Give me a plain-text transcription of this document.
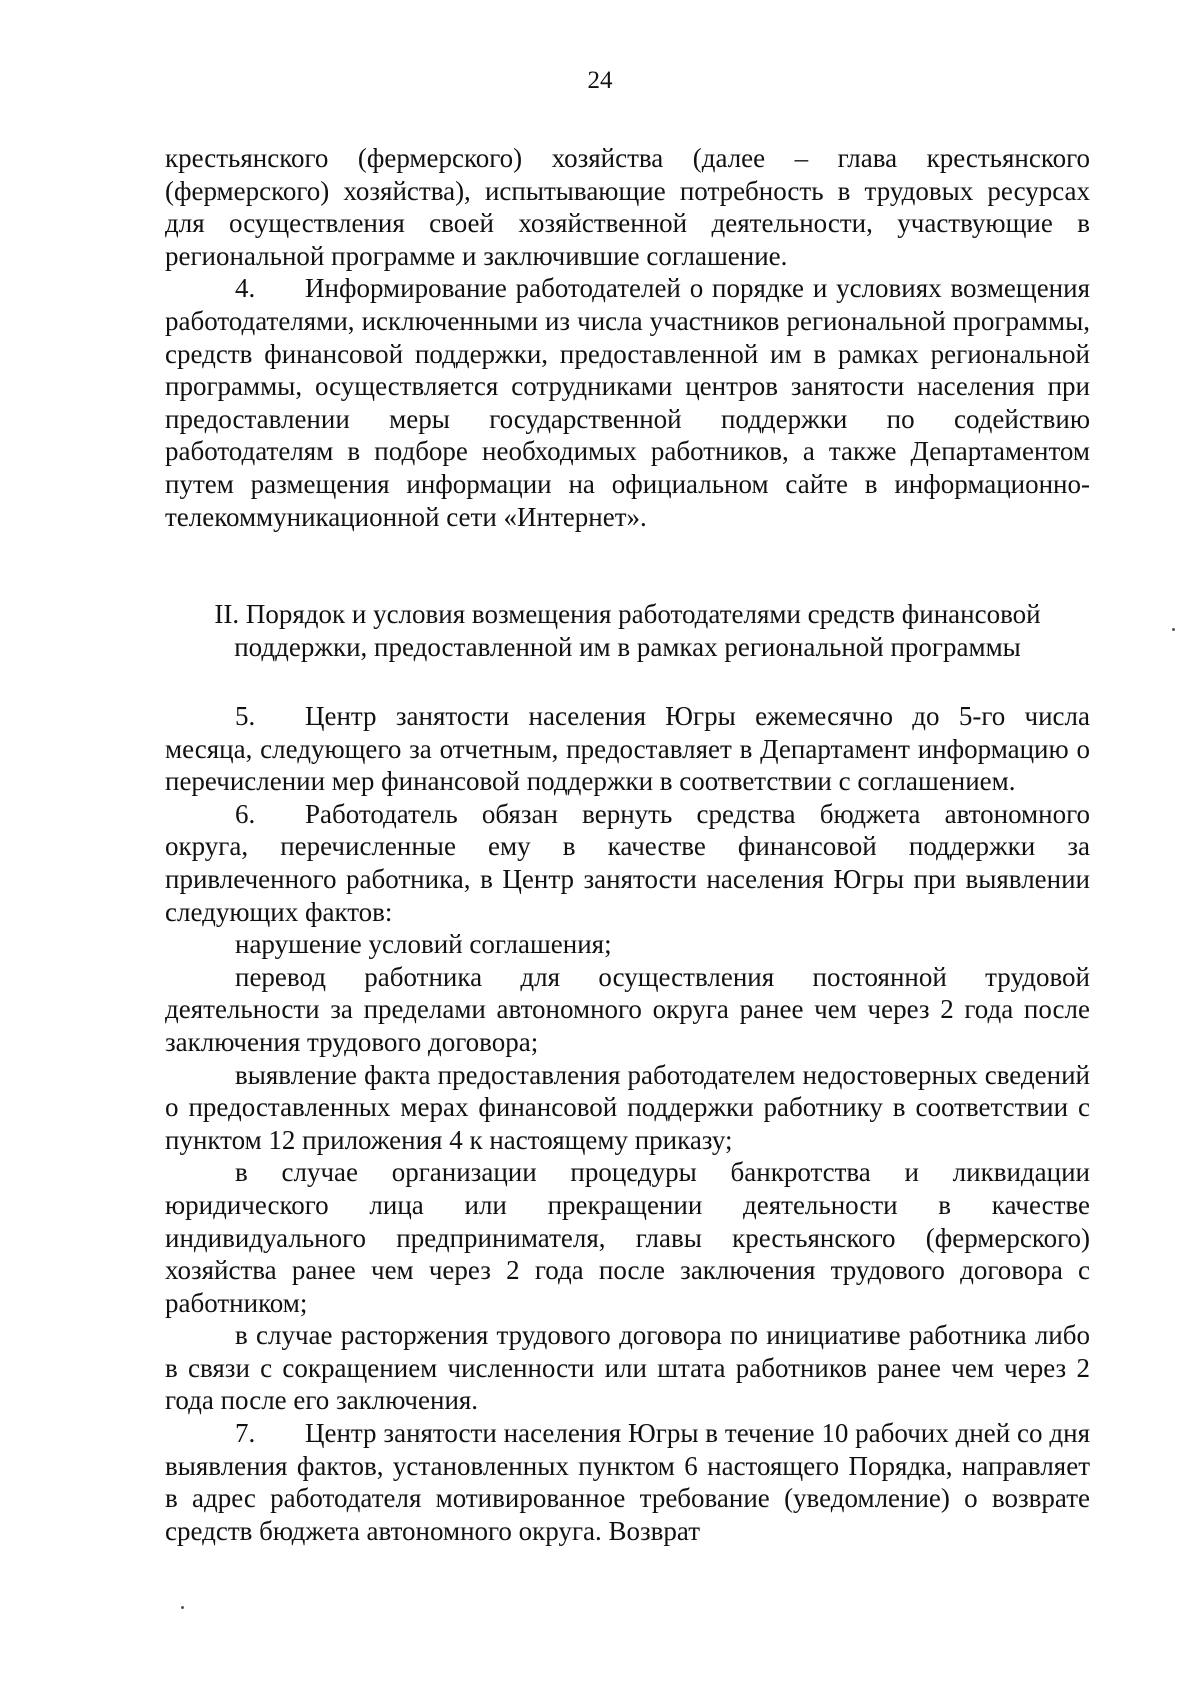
24

крестьянского (фермерского) хозяйства (далее – глава крестьянского (фермерского) хозяйства), испытывающие потребность в трудовых ресурсах для осуществления своей хозяйственной деятельности, участвующие в региональной программе и заключившие соглашение.

4. Информирование работодателей о порядке и условиях возмещения работодателями, исключенными из числа участников региональной программы, средств финансовой поддержки, предоставленной им в рамках региональной программы, осуществляется сотрудниками центров занятости населения при предоставлении меры государственной поддержки по содействию работодателям в подборе необходимых работников, а также Департаментом путем размещения информации на официальном сайте в информационно-телекоммуникационной сети «Интернет».

II. Порядок и условия возмещения работодателями средств финансовой
поддержки, предоставленной им в рамках региональной программы

5. Центр занятости населения Югры ежемесячно до 5-го числа месяца, следующего за отчетным, предоставляет в Департамент информацию о перечислении мер финансовой поддержки в соответствии с соглашением.

6. Работодатель обязан вернуть средства бюджета автономного округа, перечисленные ему в качестве финансовой поддержки за привлеченного работника, в Центр занятости населения Югры при выявлении следующих фактов:

нарушение условий соглашения;

перевод работника для осуществления постоянной трудовой деятельности за пределами автономного округа ранее чем через 2 года после заключения трудового договора;

выявление факта предоставления работодателем недостоверных сведений о предоставленных мерах финансовой поддержки работнику в соответствии с пунктом 12 приложения 4 к настоящему приказу;

в случае организации процедуры банкротства и ликвидации юридического лица или прекращении деятельности в качестве индивидуального предпринимателя, главы крестьянского (фермерского) хозяйства ранее чем через 2 года после заключения трудового договора с работником;

в случае расторжения трудового договора по инициативе работника либо в связи с сокращением численности или штата работников ранее чем через 2 года после его заключения.

7. Центр занятости населения Югры в течение 10 рабочих дней со дня выявления фактов, установленных пунктом 6 настоящего Порядка, направляет в адрес работодателя мотивированное требование (уведомление) о возврате средств бюджета автономного округа. Возврат
